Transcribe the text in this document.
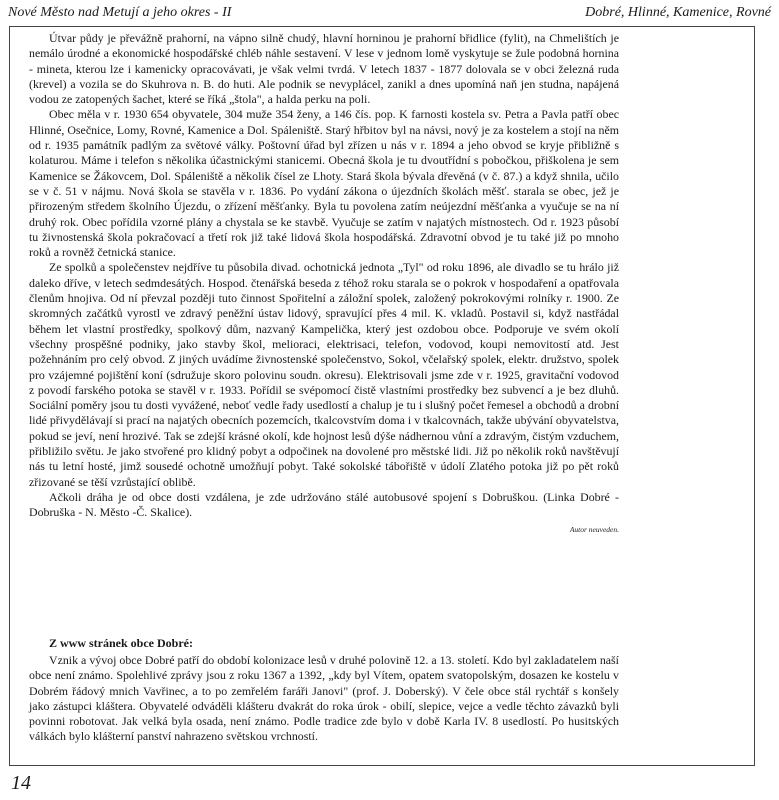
Nové Město nad Metují a jeho okres - II	Dobré, Hlinné, Kamenice, Rovné

Útvar půdy je převážně prahorní, na vápno silně chudý, hlavní horninou je prahorní břidlice (fylit), na Chmelištích je nemálo úrodné a ekonomické hospodářské chléb náhle sestavení. V lese v jednom lomě vyskytuje se žule podobná hornina - mineta, kterou lze i kamenicky opracovávati, je však velmi tvrdá. V letech 1837 - 1877 dolovala se v obci železná ruda (krevel) a vozila se do Skuhrova n. B. do huti. Ale podnik se nevyplácel, zanikl a dnes upomíná naň jen studna, napájená vodou ze zatopených šachet, které se říká „štola", a halda perku na poli.

Obec měla v r. 1930 654 obyvatele, 304 muže 354 ženy, a 146 čís. pop. K farnosti kostela sv. Petra a Pavla patří obec Hlinné, Osečnice, Lomy, Rovné, Kamenice a Dol. Spáleniště. Starý hřbitov byl na návsi, nový je za kostelem a stojí na něm od r. 1935 památník padlým za světové války. Poštovní úřad byl zřízen u nás v r. 1894 a jeho obvod se kryje přibližně s kolaturou. Máme i telefon s několika účastnickými stanicemi. Obecná škola je tu dvoutřídní s pobočkou, přiškolena je sem Kamenice se Žákovcem, Dol. Spáleniště a několik čísel ze Lhoty. Stará škola bývala dřevěná (v č. 87.) a když shnila, učilo se v č. 51 v nájmu. Nová škola se stavěla v r. 1836. Po vydání zákona o újezdních školách měšť. starala se obec, jež je přirozeným středem školního Újezdu, o zřízení měšťanky. Byla tu povolena zatím neújezdní měšťanka a vyučuje se na ní druhý rok. Obec pořídila vzorné plány a chystala se ke stavbě. Vyučuje se zatím v najatých místnostech. Od r. 1923 působí tu živnostenská škola pokračovací a třetí rok již také lidová škola hospodářská. Zdravotní obvod je tu také již po mnoho roků a rovněž četnická stanice.

Ze spolků a společenstev nejdříve tu působila divad. ochotnická jednota „Tyl" od roku 1896, ale divadlo se tu hrálo již daleko dříve, v letech sedmdesátých. Hospod. čtenářská beseda z téhož roku starala se o pokrok v hospodaření a opatřovala členům hnojiva. Od ní převzal později tuto činnost Spořitelní a záložní spolek, založený pokrokovými rolníky r. 1900. Ze skromných začátků vyrostl ve zdravý peněžní ústav lidový, spravující přes 4 mil. K. vkladů. Postavil si, když nastřádal během let vlastní prostředky, spolkový dům, nazvaný Kampelička, který jest ozdobou obce. Podporuje ve svém okolí všechny prospěšné podniky, jako stavby škol, melioraci, elektrisaci, telefon, vodovod, koupi nemovitostí atd. Jest požehnáním pro celý obvod. Z jiných uvádíme živnostenské společenstvo, Sokol, včelařský spolek, elektr. družstvo, spolek pro vzájemné pojištění koní (sdružuje skoro polovinu soudn. okresu). Elektrisovali jsme zde v r. 1925, gravitační vodovod z povodí farského potoka se stavěl v r. 1933. Pořídil se svépomocí čistě vlastními prostředky bez subvencí a je bez dluhů. Sociální poměry jsou tu dosti vyvážené, neboť vedle řady usedlostí a chalup je tu i slušný počet řemesel a obchodů a drobní lidé přivydělávají si prací na najatých obecních pozemcích, tkalcovstvím doma i v tkalcovnách, takže ubývání obyvatelstva, pokud se jeví, není hrozivé. Tak se zdejší krásné okolí, kde hojnost lesů dýše nádhernou vůní a zdravým, čistým vzduchem, přibližilo světu. Je jako stvořené pro klidný pobyt a odpočinek na dovolené pro městské lidi. Již po několik roků navštěvují nás tu letní hosté, jimž sousedé ochotně umožňují pobyt. Také sokolské tábořiště v údolí Zlatého potoka již po pět roků zřizované se těší vzrůstající oblibě.

Ačkoli dráha je od obce dosti vzdálena, je zde udržováno stálé autobusové spojení s Dobruškou. (Linka Dobré - Dobruška - N. Město -Č. Skalice).

Autor neuveden.
Z www stránek obce Dobré:

Vznik a vývoj obce Dobré patří do období kolonizace lesů v druhé polovině 12. a 13. století. Kdo byl zakladatelem naší obce není známo. Spolehlivé zprávy jsou z roku 1367 a 1392, „kdy byl Vítem, opatem svatopolským, dosazen ke kostelu v Dobrém řádový mnich Vavřinec, a to po zemřelém faráři Janovi" (prof. J. Doberský). V čele obce stál rychtář s konšely jako zástupci kláštera. Obyvatelé odváděli klášteru dvakrát do roka úrok - obilí, slepice, vejce a vedle těchto závazků byli povinni robotovat. Jak velká byla osada, není známo. Podle tradice zde bylo v době Karla IV. 8 usedlostí. Po husitských válkách bylo klášterní panství nahrazeno světskou vrchností.

14
